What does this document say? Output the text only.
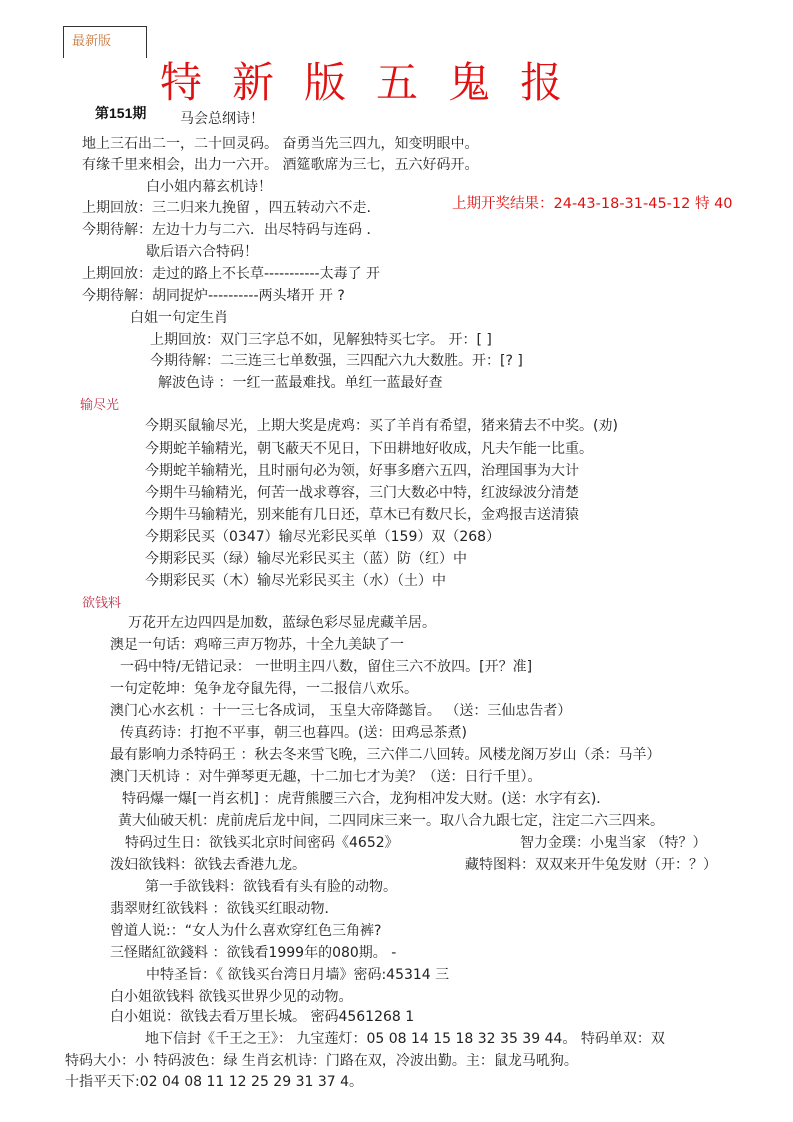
最新版
特 新 版 五 鬼 报
第151期 马会总纲诗！
地上三石出二一，二十回灵码。 奋勇当先三四九，知变明眼中。
有缘千里来相会，出力一六开。 酒筵歌席为三七，五六好码开。
白小姐内幕玄机诗！
上期回放：三二归来九挽留 ，四五转动六不走.	上期开奖结果：24-43-18-31-45-12 特 40
今期待解：左边十力与二六．出尽特码与连码 ．
歇后语六合特码！
上期回放：走过的路上不长草-----------太毒了 开
今期待解：胡同捉炉----------两头堵开 开 ?
白姐一句定生肖
上期回放：双门三字总不如，见解独特买七字。 开：[ ]
今期待解：二三连三七单数强，三四配六九大数胜。开：[? ]
解波色诗 ：一红一蓝最难找。单红一蓝最好查
输尽光
今期买鼠输尽光，上期大奖是虎鸡：买了羊肖有希望，猪来猜去不中奖。(劝)
今期蛇羊输精光，朝飞蔽天不见日，下田耕地好收成，凡夫乍能一比重。
今期蛇羊输精光，且时丽句必为领，好事多磨六五四，治理国事为大计
今期牛马输精光，何苦一战求尊容，三门大数必中特，红波绿波分清楚
今期牛马输精光，别来能有几日还，草木已有数尺长，金鸡报吉送清猿
今期彩民买（0347）输尽光彩民买单（159）双（268）
今期彩民买（绿）输尽光彩民买主（蓝）防（红）中
今期彩民买（木）输尽光彩民买主（水）（土）中
欲钱料
万花开左边四四是加数，蓝绿色彩尽显虎藏羊居。
澳足一句话：鸡啼三声万物苏，十全九美缺了一
一码中特/无错记录： 一世明主四八数，留住三六不放四。[开？准]
一句定乾坤：兔争龙夺鼠先得，一二报信八欢乐。
澳门心水玄机 ：十一三七各成词， 玉皇大帝降懿旨。 （送：三仙忠告者）
传真药诗：打抱不平事，朝三也暮四。(送：田鸡忌茶煮)
最有影响力杀特码王 ：秋去冬来雪飞晚，三六伴二八回转。风楼龙阁万岁山（杀：马羊）
澳门天机诗 ：对牛弹琴更无趣，十二加七才为美？（送：日行千里）。
特码爆一爆[一肖玄机] ：虎背熊腰三六合，龙狗相冲发大财。(送：水字有玄)．
黄大仙破天机：虎前虎后龙中间，二四同床三来一。取八合九跟七定，注定二六三四来。
特码过生日：欲钱买北京时间密码《4652》	智力金璞：小鬼当家 （特？）
泼妇欲钱料：欲钱去香港九龙。	藏特图料：双双来开牛兔发财（开：？）
第一手欲钱料：欲钱看有头有脸的动物。
翡翠财红欲钱料 ：欲钱买红眼动物．
曾道人说:：“女人为什么喜欢穿红色三角裤?
三怪賭紅欲錢料 ：欲钱看1999年的080期。 -
中特圣旨：《 欲钱买台湾日月墙》密码:45314 三
白小姐欲钱料 欲钱买世界少见的动物。
白小姐说：欲钱去看万里长城。 密码4561268 1
地下信封《千王之王》： 九宝莲灯：05 08 14 15 18 32 35 39 44。 特码单双：双
特码大小：小 特码波色：绿 生肖玄机诗：门路在双，冷波出勤。主：鼠龙马吼狗。
十指平天下:02 04 08 11 12 25 29 31 37 4。
